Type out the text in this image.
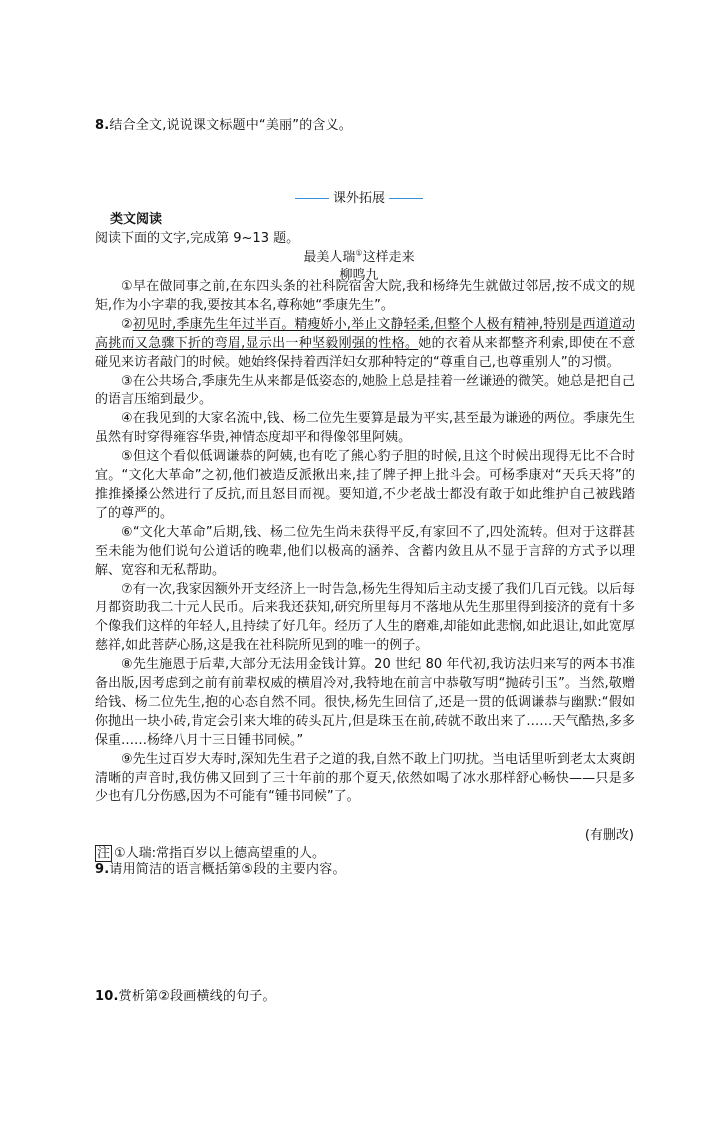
8.结合全文,说说课文标题中“美丽”的含义。
课外拓展
类文阅读
阅读下面的文字,完成第 9~13 题。
最美人瑞①这样走来
柳鸣九

①早在做同事之前,在东四头条的社科院宿舍大院,我和杨绛先生就做过邻居,按不成文的规矩,作为小字辈的我,要按其本名,尊称她“季康先生”。

②初见时,季康先生年过半百。精瘦娇小,举止文静轻柔,但整个人极有精神,特别是西道道动高挑而又急骤下折的弯眉,显示出一种坚毅刚强的性格。她的衣着从来都整齐利索,即使在不意碰见来访者敲门的时候。她始终保持着西洋妇女那种特定的“尊重自己,也尊重别人”的习惯。

③在公共场合,季康先生从来都是低姿态的,她脸上总是挂着一丝谦逊的微笑。她总是把自己的语言压缩到最少。

④在我见到的大家名流中,钱、杨二位先生要算是最为平实,甚至最为谦逊的两位。季康先生虽然有时穿得雍容华贵,神情态度却平和得像邻里阿姨。

⑤但这个看似低调谦恭的阿姨,也有吃了熊心豹子胆的时候,且这个时候出现得无比不合时宜。“文化大革命”之初,他们被造反派揪出来,挂了牌子押上批斗会。可杨季康对“天兵天将”的推推搡搡公然进行了反抗,而且怒目而视。要知道,不少老战士都没有敢于如此维护自己被践踏了的尊严的。

⑥“文化大革命”后期,钱、杨二位先生尚未获得平反,有家回不了,四处流转。但对于这群甚至未能为他们说句公道话的晚辈,他们以极高的涵养、含蓄内敛且从不显于言辞的方式予以理解、宽容和无私帮助。

⑦有一次,我家因额外开支经济上一时告急,杨先生得知后主动支援了我们几百元钱。以后每月都资助我二十元人民币。后来我还获知,研究所里每月不落地从先生那里得到接济的竟有十多个像我们这样的年轻人,且持续了好几年。经历了人生的磨难,却能如此悲悯,如此退让,如此宽厚慈祥,如此菩萨心肠,这是我在社科院所见到的唯一的例子。

⑧先生施恩于后辈,大部分无法用金钱计算。20 世纪 80 年代初,我访法归来写的两本书准备出版,因考虑到之前有前辈权威的横眉冷对,我特地在前言中恭敬写明“抛砖引玉”。当然,敬赠给钱、杨二位先生,抱的心态自然不同。很快,杨先生回信了,还是一贯的低调谦恭与幽默:“假如你抛出一块小砖,肯定会引来大堆的砖头瓦片,但是珠玉在前,砖就不敢出来了……天气酷热,多多保重……杨绛八月十三日锺书同候。”

⑨先生过百岁大寿时,深知先生君子之道的我,自然不敢上门叨扰。当电话里听到老太太爽朗清晰的声音时,我仿佛又回到了三十年前的那个夏天,依然如喝了冰水那样舒心畅快——只是多少也有几分伤感,因为不可能有“锺书同候”了。

(有删改)
注 ①人瑞:常指百岁以上德高望重的人。
9.请用简洁的语言概括第⑤段的主要内容。
10.赏析第②段画横线的句子。
